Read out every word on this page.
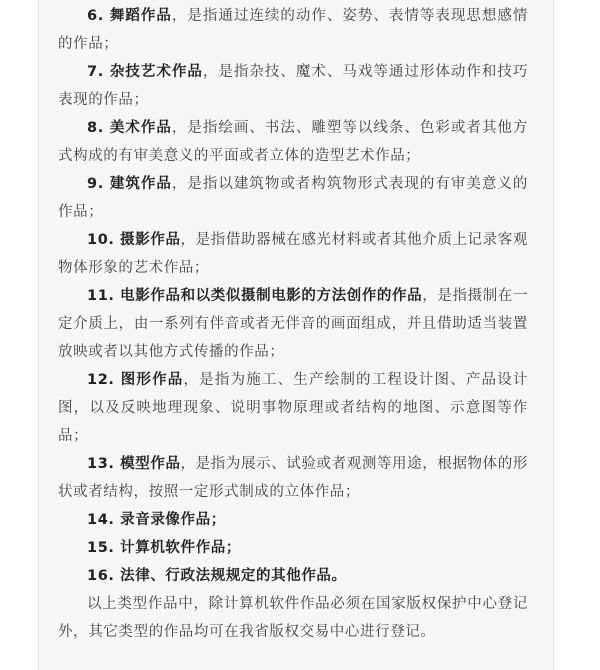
6. 舞蹈作品，是指通过连续的动作、姿势、表情等表现思想感情的作品；

7. 杂技艺术作品，是指杂技、魔术、马戏等通过形体动作和技巧表现的作品；

8. 美术作品，是指绘画、书法、雕塑等以线条、色彩或者其他方式构成的有审美意义的平面或者立体的造型艺术作品；

9. 建筑作品，是指以建筑物或者构筑物形式表现的有审美意义的作品；

10. 摄影作品，是指借助器械在感光材料或者其他介质上记录客观物体形象的艺术作品；

11. 电影作品和以类似摄制电影的方法创作的作品，是指摄制在一定介质上，由一系列有伴音或者无伴音的画面组成，并且借助适当装置放映或者以其他方式传播的作品；

12. 图形作品，是指为施工、生产绘制的工程设计图、产品设计图，以及反映地理现象、说明事物原理或者结构的地图、示意图等作品；

13. 模型作品，是指为展示、试验或者观测等用途，根据物体的形状或者结构，按照一定形式制成的立体作品；

14. 录音录像作品；

15. 计算机软件作品；

16. 法律、行政法规规定的其他作品。

以上类型作品中，除计算机软件作品必须在国家版权保护中心登记外，其它类型的作品均可在我省版权交易中心进行登记。
